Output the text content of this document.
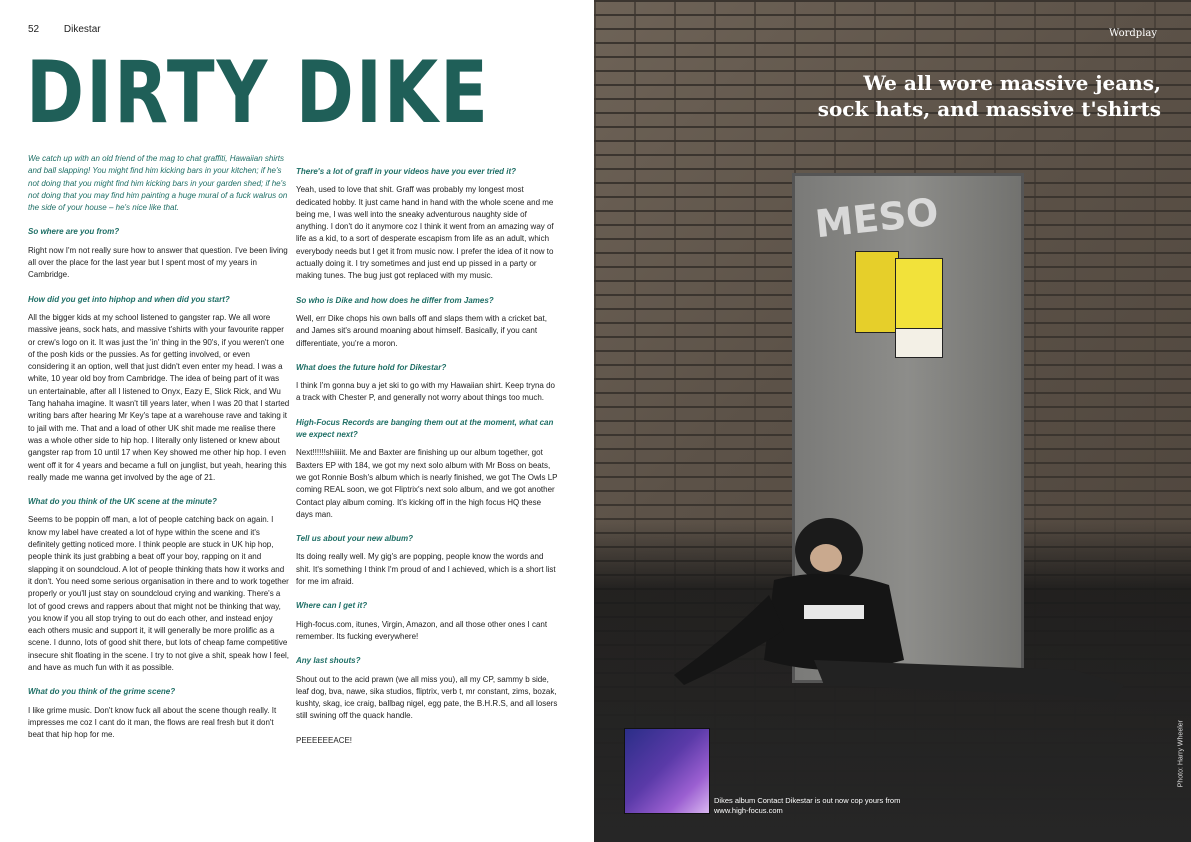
52 Dikestar
DIRTY DIKE

We catch up with an old friend of the mag to chat graffiti, Hawaiian shirts and ball slapping! You might find him kicking bars in your kitchen; if he's not doing that you might find him kicking bars in your garden shed; if he's not doing that you may find him painting a huge mural of a fuck walrus on the side of your house – he's nice like that.

So where are you from?

Right now I'm not really sure how to answer that question. I've been living all over the place for the last year but I spent most of my years in Cambridge.

How did you get into hiphop and when did you start?

All the bigger kids at my school listened to gangster rap. We all wore massive jeans, sock hats, and massive t'shirts with your favourite rapper or crew's logo on it. It was just the 'in' thing in the 90's, if you weren't one of the posh kids or the pussies. As for getting involved, or even considering it an option, well that just didn't even enter my head. I was a white, 10 year old boy from Cambridge. The idea of being part of it was un entertainable, after all I listened to Onyx, Eazy E, Slick Rick, and Wu Tang hahaha imagine. It wasn't till years later, when I was 20 that I started writing bars after hearing Mr Key's tape at a warehouse rave and taking it to jail with me. That and a load of other UK shit made me realise there was a whole other side to hip hop. I literally only listened or knew about gangster rap from 10 until 17 when Key showed me other hip hop. I even went off it for 4 years and became a full on junglist, but yeah, hearing this really made me wanna get involved by the age of 21.

What do you think of the UK scene at the minute?

Seems to be poppin off man, a lot of people catching back on again. I know my label have created a lot of hype within the scene and it's definitely getting noticed more. I think people are stuck in UK hip hop, people think its just grabbing a beat off your boy, rapping on it and slapping it on soundcloud. A lot of people thinking thats how it works and it don't. You need some serious organisation in there and to work together properly or you'll just stay on soundcloud crying and wanking. There's a lot of good crews and rappers about that might not be thinking that way, you know if you all stop trying to out do each other, and instead enjoy each others music and support it, it will generally be more prolific as a scene. I dunno, lots of good shit there, but lots of cheap fame competitive insecure shit floating in the scene. I try to not give a shit, speak how I feel, and have as much fun with it as possible.

What do you think of the grime scene?

I like grime music. Don't know fuck all about the scene though really. It impresses me coz I cant do it man, the flows are real fresh but it don't beat that hip hop for me.

There's a lot of graff in your videos have you ever tried it?

Yeah, used to love that shit. Graff was probably my longest most dedicated hobby. It just came hand in hand with the whole scene and me being me, I was well into the sneaky adventurous naughty side of anything. I don't do it anymore coz I think it went from an amazing way of life as a kid, to a sort of desperate escapism from life as an adult, which everybody needs but I get it from music now. I prefer the idea of it now to actually doing it. I try sometimes and just end up pissed in a party or making tunes. The bug just got replaced with my music.

So who is Dike and how does he differ from James?

Well, err Dike chops his own balls off and slaps them with a cricket bat, and James sit's around moaning about himself. Basically, if you cant differentiate, you're a moron.

What does the future hold for Dikestar?

I think I'm gonna buy a jet ski to go with my Hawaiian shirt. Keep tryna do a track with Chester P, and generally not worry about things too much.

High-Focus Records are banging them out at the moment, what can we expect next?

Next!!!!!!shiiiiit. Me and Baxter are finishing up our album together, got Baxters EP with 184, we got my next solo album with Mr Boss on beats, we got Ronnie Bosh's album which is nearly finished, we got The Owls LP coming REAL soon, we got Fliptrix's next solo album, and we got another Contact play album coming. It's kicking off in the high focus HQ these days man.

Tell us about your new album?

Its doing really well. My gig's are popping, people know the words and shit. It's something I think I'm proud of and I achieved, which is a short list for me im afraid.

Where can I get it?

High-focus.com, itunes, Virgin, Amazon, and all those other ones I cant remember. Its fucking everywhere!

Any last shouts?

Shout out to the acid prawn (we all miss you), all my CP, sammy b side, leaf dog, bva, nawe, sika studios, fliptrix, verb t, mr constant, zims, bozak, kushty, skag, ice craig, ballbag nigel, egg pate, the B.H.R.S, and all losers still swining off the quack handle.

PEEEEEEACE!

Wordplay
We all wore massive jeans,
sock hats, and massive t'shirts
MESO
Dikes album Contact Dikestar is out now cop yours from www.high-focus.com
Photo: Harry Wheeler
